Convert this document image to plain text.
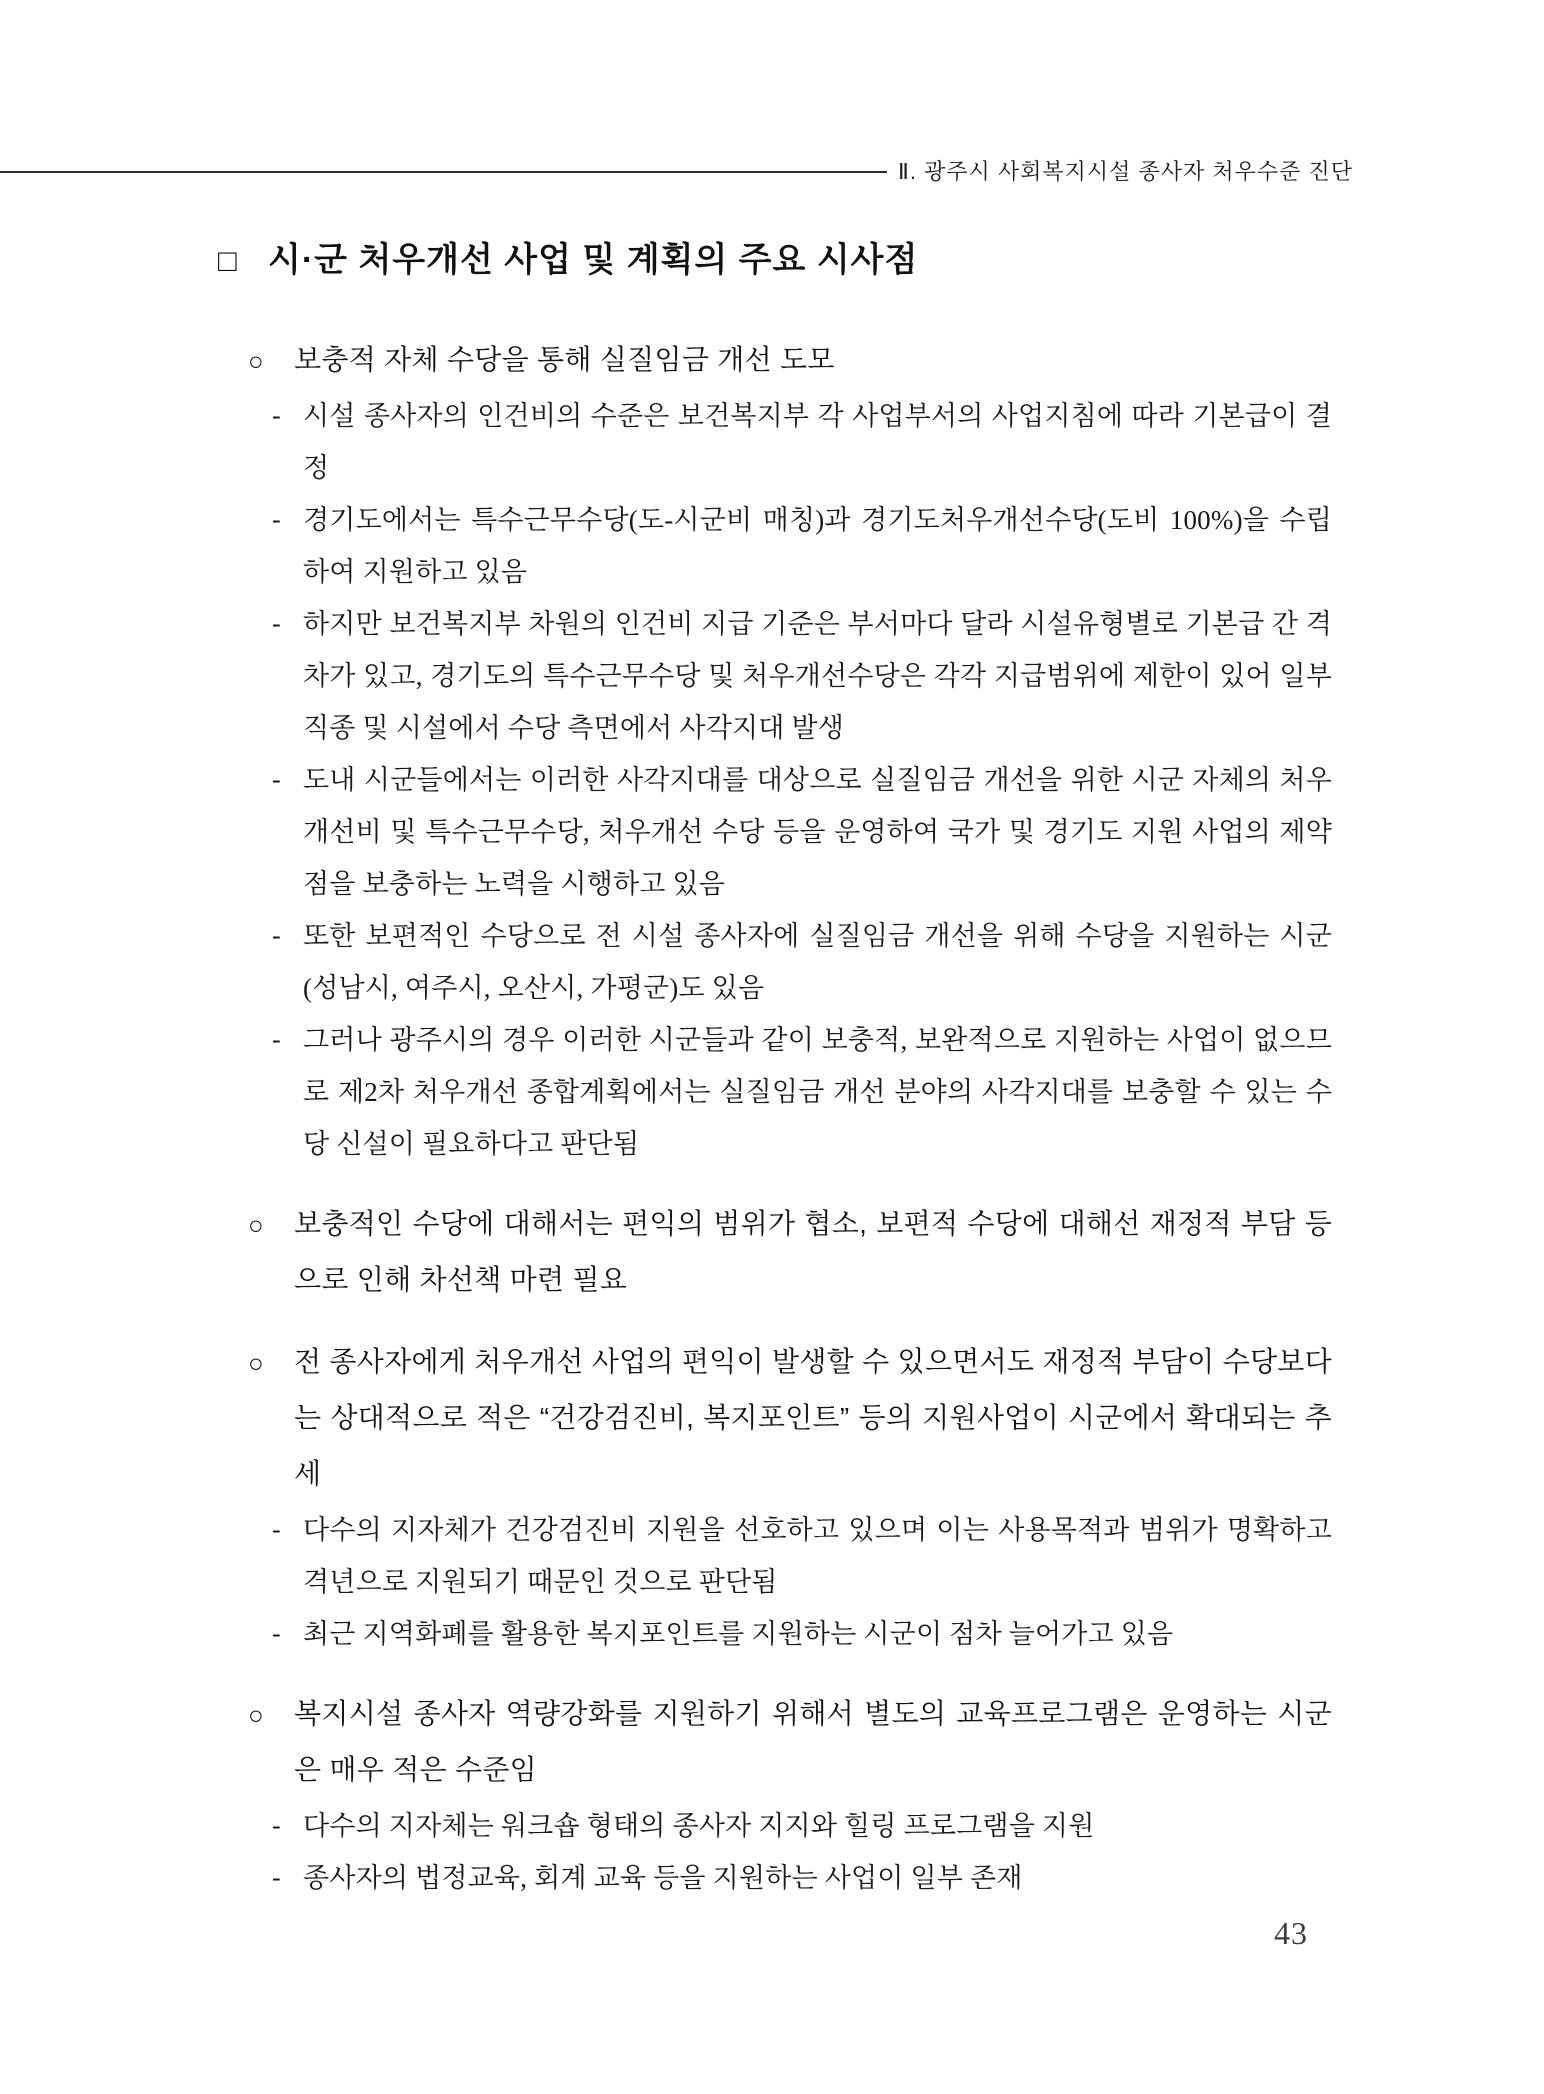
Ⅱ. 광주시 사회복지시설 종사자 처우수준 진단
□ 시·군 처우개선 사업 및 계획의 주요 시사점
○	보충적 자체 수당을 통해 실질임금 개선 도모

- 시설 종사자의 인건비의 수준은 보건복지부 각 사업부서의 사업지침에 따라 기본급이 결정

- 경기도에서는 특수근무수당(도-시군비 매칭)과 경기도처우개선수당(도비 100%)을 수립하여 지원하고 있음

- 하지만 보건복지부 차원의 인건비 지급 기준은 부서마다 달라 시설유형별로 기본급 간 격차가 있고, 경기도의 특수근무수당 및 처우개선수당은 각각 지급범위에 제한이 있어 일부 직종 및 시설에서 수당 측면에서 사각지대 발생

- 도내 시군들에서는 이러한 사각지대를 대상으로 실질임금 개선을 위한 시군 자체의 처우개선비 및 특수근무수당, 처우개선 수당 등을 운영하여 국가 및 경기도 지원 사업의 제약점을 보충하는 노력을 시행하고 있음

- 또한 보편적인 수당으로 전 시설 종사자에 실질임금 개선을 위해 수당을 지원하는 시군(성남시, 여주시, 오산시, 가평군)도 있음

- 그러나 광주시의 경우 이러한 시군들과 같이 보충적, 보완적으로 지원하는 사업이 없으므로 제2차 처우개선 종합계획에서는 실질임금 개선 분야의 사각지대를 보충할 수 있는 수당 신설이 필요하다고 판단됨

○	보충적인 수당에 대해서는 편익의 범위가 협소, 보편적 수당에 대해선 재정적 부담 등으로 인해 차선책 마련 필요

○	전 종사자에게 처우개선 사업의 편익이 발생할 수 있으면서도 재정적 부담이 수당보다는 상대적으로 적은 “건강검진비, 복지포인트” 등의 지원사업이 시군에서 확대되는 추세

- 다수의 지자체가 건강검진비 지원을 선호하고 있으며 이는 사용목적과 범위가 명확하고 격년으로 지원되기 때문인 것으로 판단됨

- 최근 지역화폐를 활용한 복지포인트를 지원하는 시군이 점차 늘어가고 있음

○	복지시설 종사자 역량강화를 지원하기 위해서 별도의 교육프로그램은 운영하는 시군은 매우 적은 수준임

- 다수의 지자체는 워크숍 형태의 종사자 지지와 힐링 프로그램을 지원

- 종사자의 법정교육, 회계 교육 등을 지원하는 사업이 일부 존재

43
